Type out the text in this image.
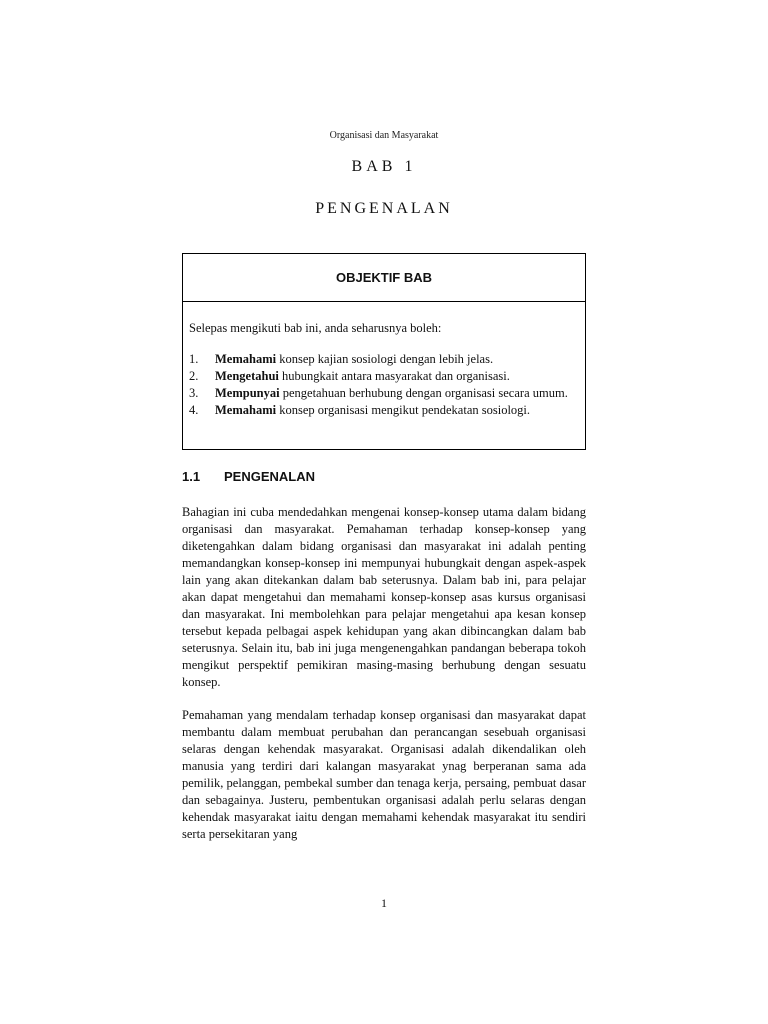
Organisasi dan Masyarakat
BAB 1
PENGENALAN
OBJEKTIF BAB
Selepas mengikuti bab ini, anda seharusnya boleh:
1.	Memahami konsep kajian sosiologi dengan lebih jelas.
2.	Mengetahui hubungkait antara masyarakat dan organisasi.
3.	Mempunyai pengetahuan berhubung dengan organisasi secara umum.
4.	Memahami konsep organisasi mengikut pendekatan sosiologi.
1.1 PENGENALAN

Bahagian ini cuba mendedahkan mengenai konsep-konsep utama dalam bidang organisasi dan masyarakat. Pemahaman terhadap konsep-konsep yang diketengahkan dalam bidang organisasi dan masyarakat ini adalah penting memandangkan konsep-konsep ini mempunyai hubungkait dengan aspek-aspek lain yang akan ditekankan dalam bab seterusnya. Dalam bab ini, para pelajar akan dapat mengetahui dan memahami konsep-konsep asas kursus organisasi dan masyarakat. Ini membolehkan para pelajar mengetahui apa kesan konsep tersebut kepada pelbagai aspek kehidupan yang akan dibincangkan dalam bab seterusnya. Selain itu, bab ini juga mengenengahkan pandangan beberapa tokoh mengikut perspektif pemikiran masing-masing berhubung dengan sesuatu konsep.

Pemahaman yang mendalam terhadap konsep organisasi dan masyarakat dapat membantu dalam membuat perubahan dan perancangan sesebuah organisasi selaras dengan kehendak masyarakat. Organisasi adalah dikendalikan oleh manusia yang terdiri dari kalangan masyarakat ynag berperanan sama ada pemilik, pelanggan, pembekal sumber dan tenaga kerja, persaing, pembuat dasar dan sebagainya. Justeru, pembentukan organisasi adalah perlu selaras dengan kehendak masyarakat iaitu dengan memahami kehendak masyarakat itu sendiri serta persekitaran yang

1
